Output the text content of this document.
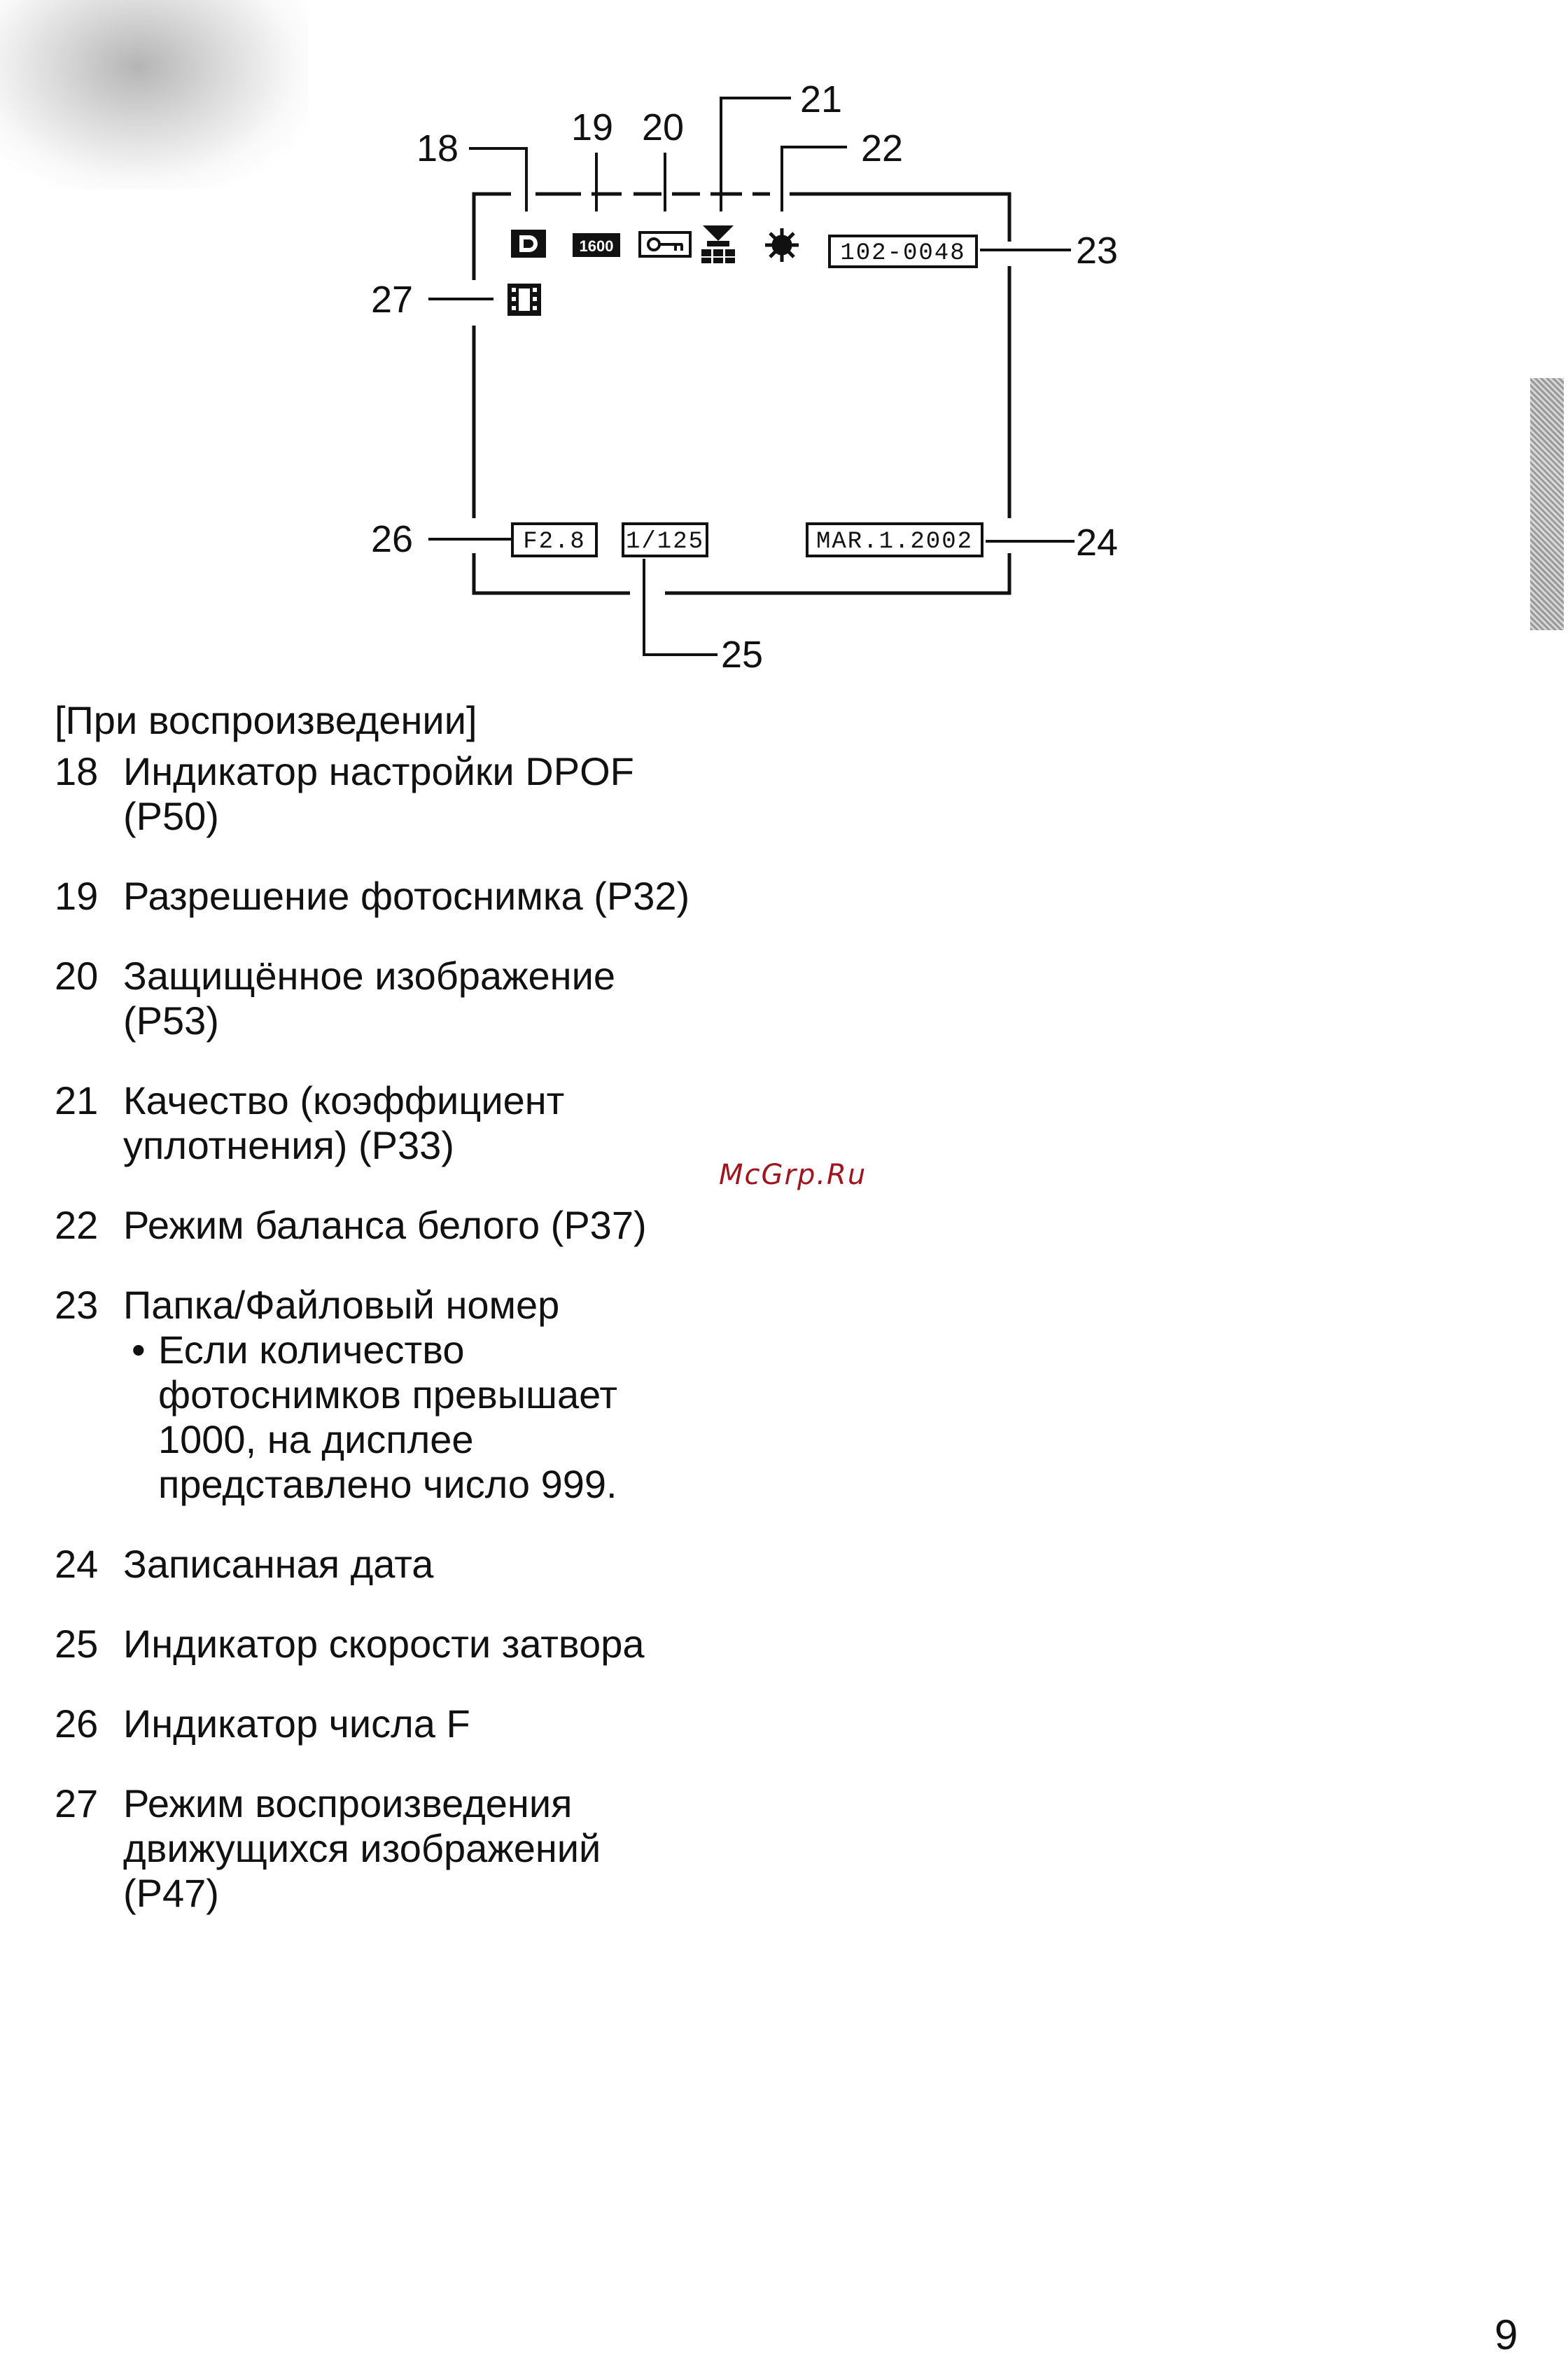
18	19 20
21
22
23
24
25
26
27
1600	102-0048
F2.8 1/125	MAR.1.2002

[При воспроизведении]

18 Индикатор настройки DPOF
(P50)
19 Разрешение фотоснимка (P32)
20 Защищённое изображение
(P53)
21 Качество (коэффициент
уплотнения) (P33)
22 Режим баланса белого (P37)
23 Папка/Файловый номер
• Если количество
фотоснимков превышает
1000, на дисплее
представлено число 999.
24 Записанная дата
25 Индикатор скорости затвора
26 Индикатор числа F
27 Режим воспроизведения
движущихся изображений
(P47)
McGrp.Ru
9
